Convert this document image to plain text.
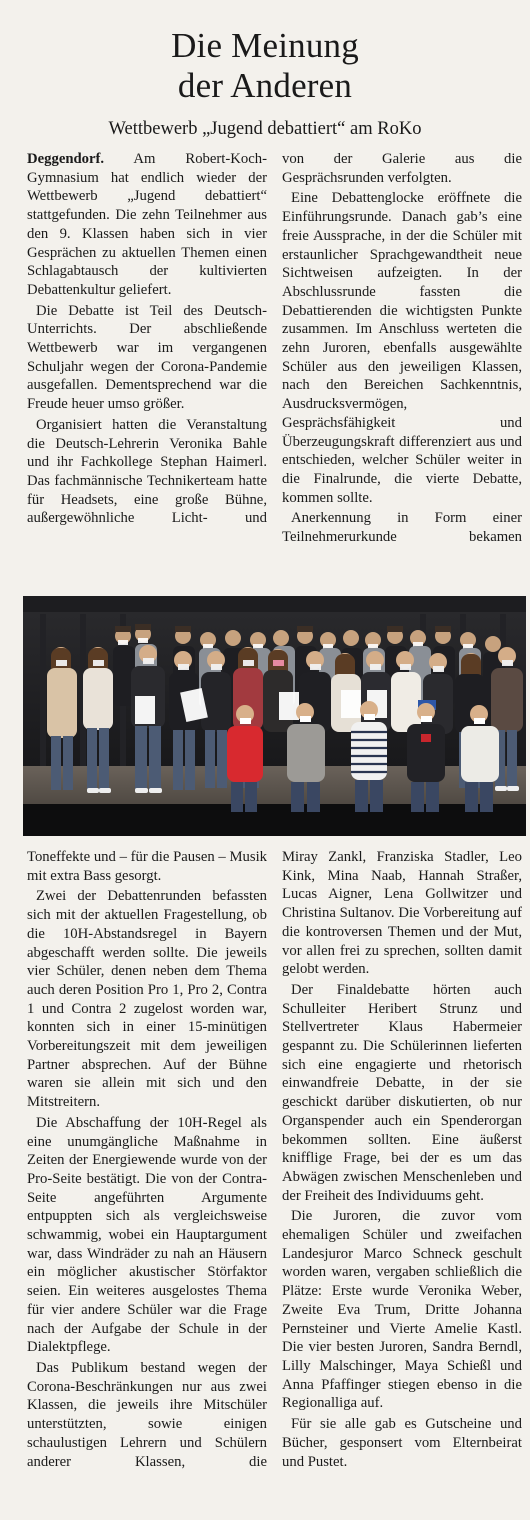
Die Meinung
der Anderen
Wettbewerb „Jugend debattiert“ am RoKo

Deggendorf. Am Robert-Koch-Gymnasium hat endlich wieder der Wettbewerb „Jugend debattiert“ stattgefunden. Die zehn Teilnehmer aus den 9. Klassen haben sich in vier Gesprächen zu aktuellen Themen einen Schlagabtausch der kultivierten Debattenkultur geliefert.

Die Debatte ist Teil des Deutsch-Unterrichts. Der abschließende Wettbewerb war im vergangenen Schuljahr wegen der Corona-Pandemie ausgefallen. Dementsprechend war die Freude heuer umso größer.

Organisiert hatten die Veranstaltung die Deutsch-Lehrerin Veronika Bahle und ihr Fachkollege Stephan Haimerl. Das fachmännische Technikerteam hatte für Headsets, eine große Bühne, außergewöhnliche Licht- und

von der Galerie aus die Gesprächsrunden verfolgten.

Eine Debattenglocke eröffnete die Einführungsrunde. Danach gab’s eine freie Aussprache, in der die Schüler mit erstaunlicher Sprachgewandtheit neue Sichtweisen aufzeigten. In der Abschlussrunde fassten die Debattierenden die wichtigsten Punkte zusammen. Im Anschluss werteten die zehn Juroren, ebenfalls ausgewählte Schüler aus den jeweiligen Klassen, nach den Bereichen Sachkenntnis, Ausdrucksvermögen, Gesprächsfähigkeit und Überzeugungskraft differenziert aus und entschieden, welcher Schüler weiter in die Finalrunde, die vierte Debatte, kommen sollte.

Anerkennung in Form einer Teilnehmerurkunde bekamen

Toneffekte und – für die Pausen – Musik mit extra Bass gesorgt.

Zwei der Debattenrunden befassten sich mit der aktuellen Fragestellung, ob die 10H-Abstandsregel in Bayern abgeschafft werden sollte. Die jeweils vier Schüler, denen neben dem Thema auch deren Position Pro 1, Pro 2, Contra 1 und Contra 2 zugelost worden war, konnten sich in einer 15-minütigen Vorbereitungszeit mit dem jeweiligen Partner absprechen. Auf der Bühne waren sie allein mit sich und den Mitstreitern.

Die Abschaffung der 10H-Regel als eine unumgängliche Maßnahme in Zeiten der Energiewende wurde von der Pro-Seite bestätigt. Die von der Contra-Seite angeführten Argumente entpuppten sich als vergleichsweise schwammig, wobei ein Hauptargument war, dass Windräder zu nah an Häusern ein möglicher akustischer Störfaktor seien. Ein weiteres ausgelostes Thema für vier andere Schüler war die Frage nach der Aufgabe der Schule in der Dialektpflege.

Das Publikum bestand wegen der Corona-Beschränkungen nur aus zwei Klassen, die jeweils ihre Mitschüler unterstützten, sowie einigen schaulustigen Lehrern und Schülern anderer Klassen, die

Miray Zankl, Franziska Stadler, Leo Kink, Mina Naab, Hannah Straßer, Lucas Aigner, Lena Gollwitzer und Christina Sultanov. Die Vorbereitung auf die kontroversen Themen und der Mut, vor allen frei zu sprechen, sollten damit gelobt werden.

Der Finaldebatte hörten auch Schulleiter Heribert Strunz und Stellvertreter Klaus Habermeier gespannt zu. Die Schülerinnen lieferten sich eine engagierte und rhetorisch einwandfreie Debatte, in der sie geschickt darüber diskutierten, ob nur Organspender auch ein Spenderorgan bekommen sollten. Eine äußerst knifflige Frage, bei der es um das Abwägen zwischen Menschenleben und der Freiheit des Individuums geht.

Die Juroren, die zuvor vom ehemaligen Schüler und zweifachen Landesjuror Marco Schneck geschult worden waren, vergaben schließlich die Plätze: Erste wurde Veronika Weber, Zweite Eva Trum, Dritte Johanna Pernsteiner und Vierte Amelie Kastl. Die vier besten Juroren, Sandra Berndl, Lilly Malschinger, Maya Schießl und Anna Pfaffinger stiegen ebenso in die Regionalliga auf.

Für sie alle gab es Gutscheine und Bücher, gesponsert vom Elternbeirat und Pustet.
